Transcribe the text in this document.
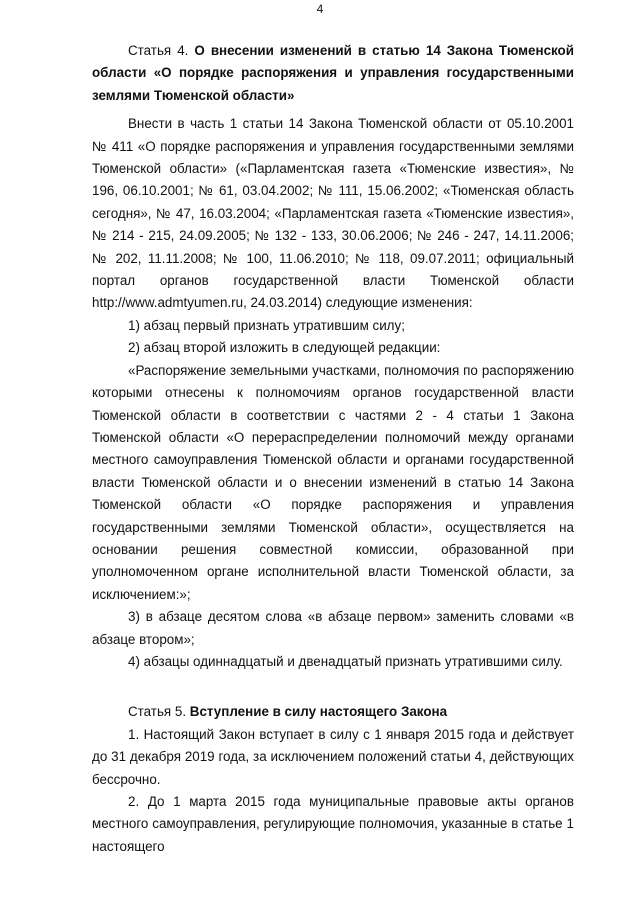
4

Статья 4. О внесении изменений в статью 14 Закона Тюменской области «О порядке распоряжения и управления государственными землями Тюменской области»

Внести в часть 1 статьи 14 Закона Тюменской области от 05.10.2001 № 411 «О порядке распоряжения и управления государственными землями Тюменской области» («Парламентская газета «Тюменские известия», № 196, 06.10.2001; № 61, 03.04.2002; № 111, 15.06.2002; «Тюменская область сегодня», № 47, 16.03.2004; «Парламентская газета «Тюменские известия», № 214 - 215, 24.09.2005; № 132 - 133, 30.06.2006; № 246 - 247, 14.11.2006; № 202, 11.11.2008; № 100, 11.06.2010; № 118, 09.07.2011; официальный портал органов государственной власти Тюменской области http://www.admtyumen.ru, 24.03.2014) следующие изменения:

1) абзац первый признать утратившим силу;

2) абзац второй изложить в следующей редакции:

«Распоряжение земельными участками, полномочия по распоряжению которыми отнесены к полномочиям органов государственной власти Тюменской области в соответствии с частями 2 - 4 статьи 1 Закона Тюменской области «О перераспределении полномочий между органами местного самоуправления Тюменской области и органами государственной власти Тюменской области и о внесении изменений в статью 14 Закона Тюменской области «О порядке распоряжения и управления государственными землями Тюменской области», осуществляется на основании решения совместной комиссии, образованной при уполномоченном органе исполнительной власти Тюменской области, за исключением:»;

3) в абзаце десятом слова «в абзаце первом» заменить словами «в абзаце втором»;

4) абзацы одиннадцатый и двенадцатый признать утратившими силу.

Статья 5. Вступление в силу настоящего Закона

1. Настоящий Закон вступает в силу с 1 января 2015 года и действует до 31 декабря 2019 года, за исключением положений статьи 4, действующих бессрочно.

2. До 1 марта 2015 года муниципальные правовые акты органов местного самоуправления, регулирующие полномочия, указанные в статье 1 настоящего
